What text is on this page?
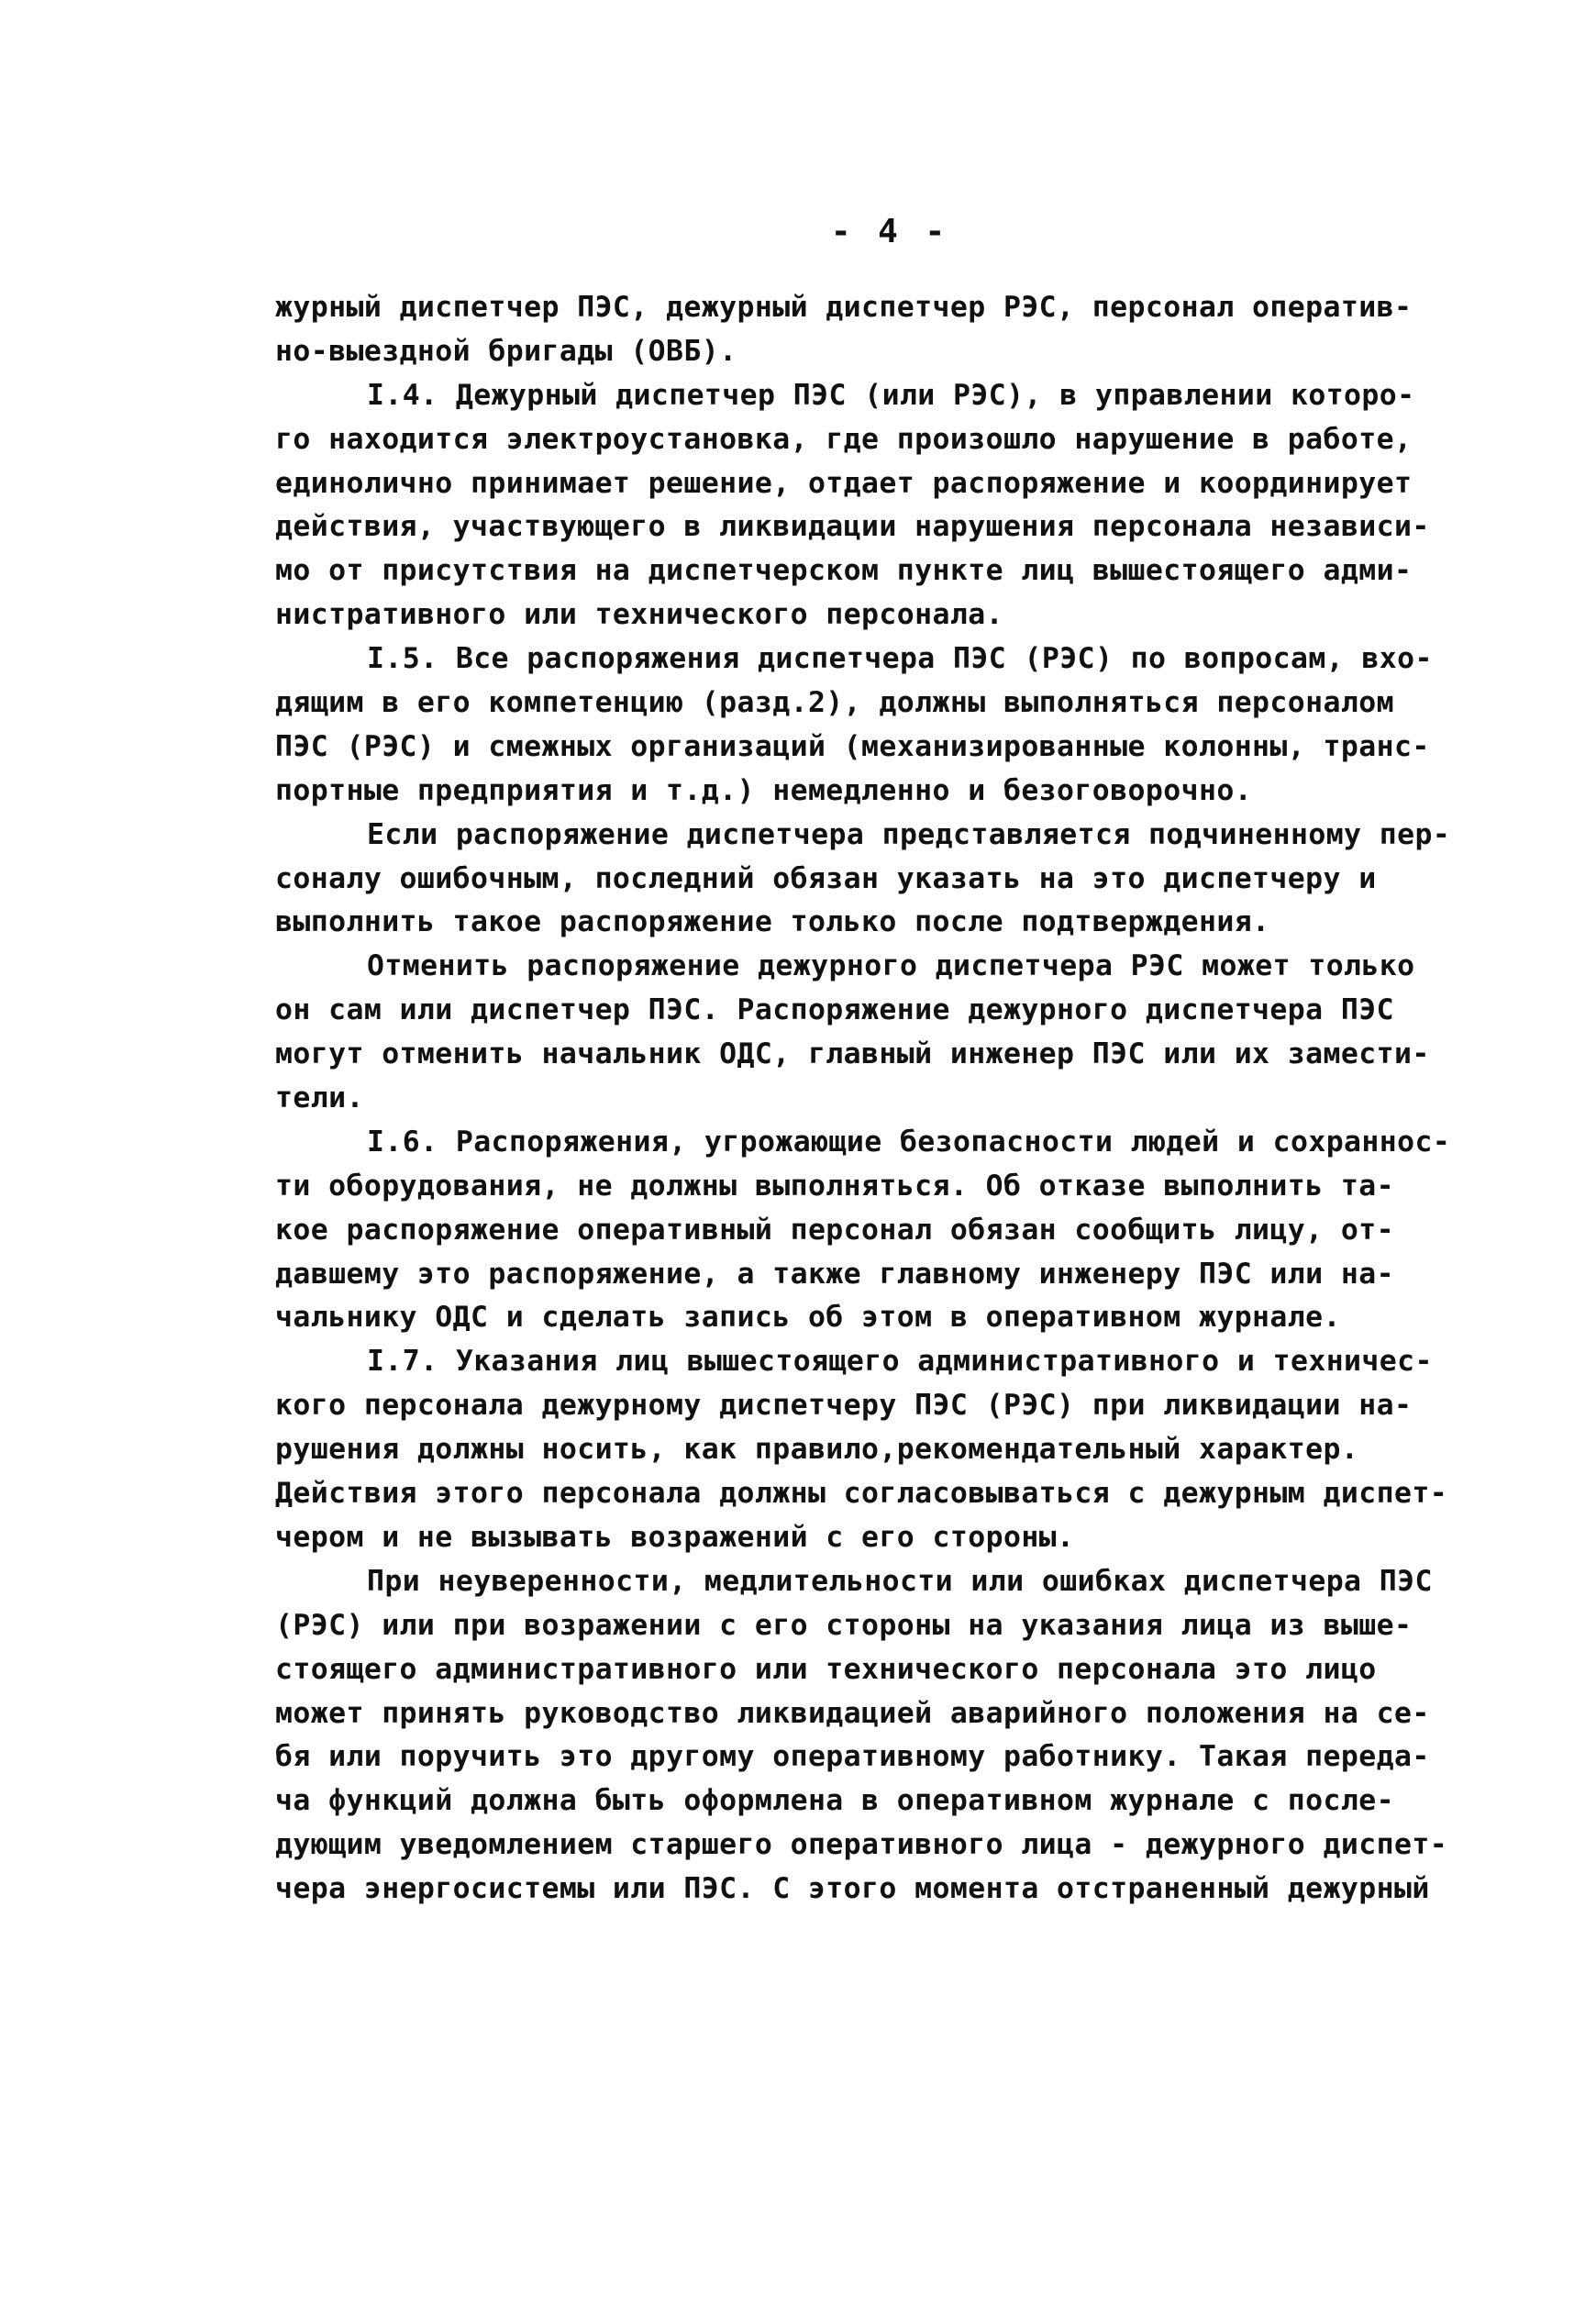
- 4 -
журный диспетчер ПЭС, дежурный диспетчер РЭС, персонал оператив-
но-выездной бригады (ОВБ).
I.4. Дежурный диспетчер ПЭС (или РЭС), в управлении которо-
го находится электроустановка, где произошло нарушение в работе,
единолично принимает решение, отдает распоряжение и координирует
действия, участвующего в ликвидации нарушения персонала независи-
мо от присутствия на диспетчерском пункте лиц вышестоящего адми-
нистративного или технического персонала.
I.5. Все распоряжения диспетчера ПЭС (РЭС) по вопросам, вхо-
дящим в его компетенцию (разд.2), должны выполняться персоналом
ПЭС (РЭС) и смежных организаций (механизированные колонны, транс-
портные предприятия и т.д.) немедленно и безоговорочно.
Если распоряжение диспетчера представляется подчиненному пер-
соналу ошибочным, последний обязан указать на это диспетчеру и
выполнить такое распоряжение только после подтверждения.
Отменить распоряжение дежурного диспетчера РЭС может только
он сам или диспетчер ПЭС. Распоряжение дежурного диспетчера ПЭС
могут отменить начальник ОДС, главный инженер ПЭС или их замести-
тели.
I.6. Распоряжения, угрожающие безопасности людей и сохраннос-
ти оборудования, не должны выполняться. Об отказе выполнить та-
кое распоряжение оперативный персонал обязан сообщить лицу, от-
давшему это распоряжение, а также главному инженеру ПЭС или на-
чальнику ОДС и сделать запись об этом в оперативном журнале.
I.7. Указания лиц вышестоящего административного и техничес-
кого персонала дежурному диспетчеру ПЭС (РЭС) при ликвидации на-
рушения должны носить, как правило,рекомендательный характер.
Действия этого персонала должны согласовываться с дежурным диспет-
чером и не вызывать возражений с его стороны.
При неуверенности, медлительности или ошибках диспетчера ПЭС
(РЭС) или при возражении с его стороны на указания лица из выше-
стоящего административного или технического персонала это лицо
может принять руководство ликвидацией аварийного положения на се-
бя или поручить это другому оперативному работнику. Такая переда-
ча функций должна быть оформлена в оперативном журнале с после-
дующим уведомлением старшего оперативного лица - дежурного диспет-
чера энергосистемы или ПЭС. С этого момента отстраненный дежурный
